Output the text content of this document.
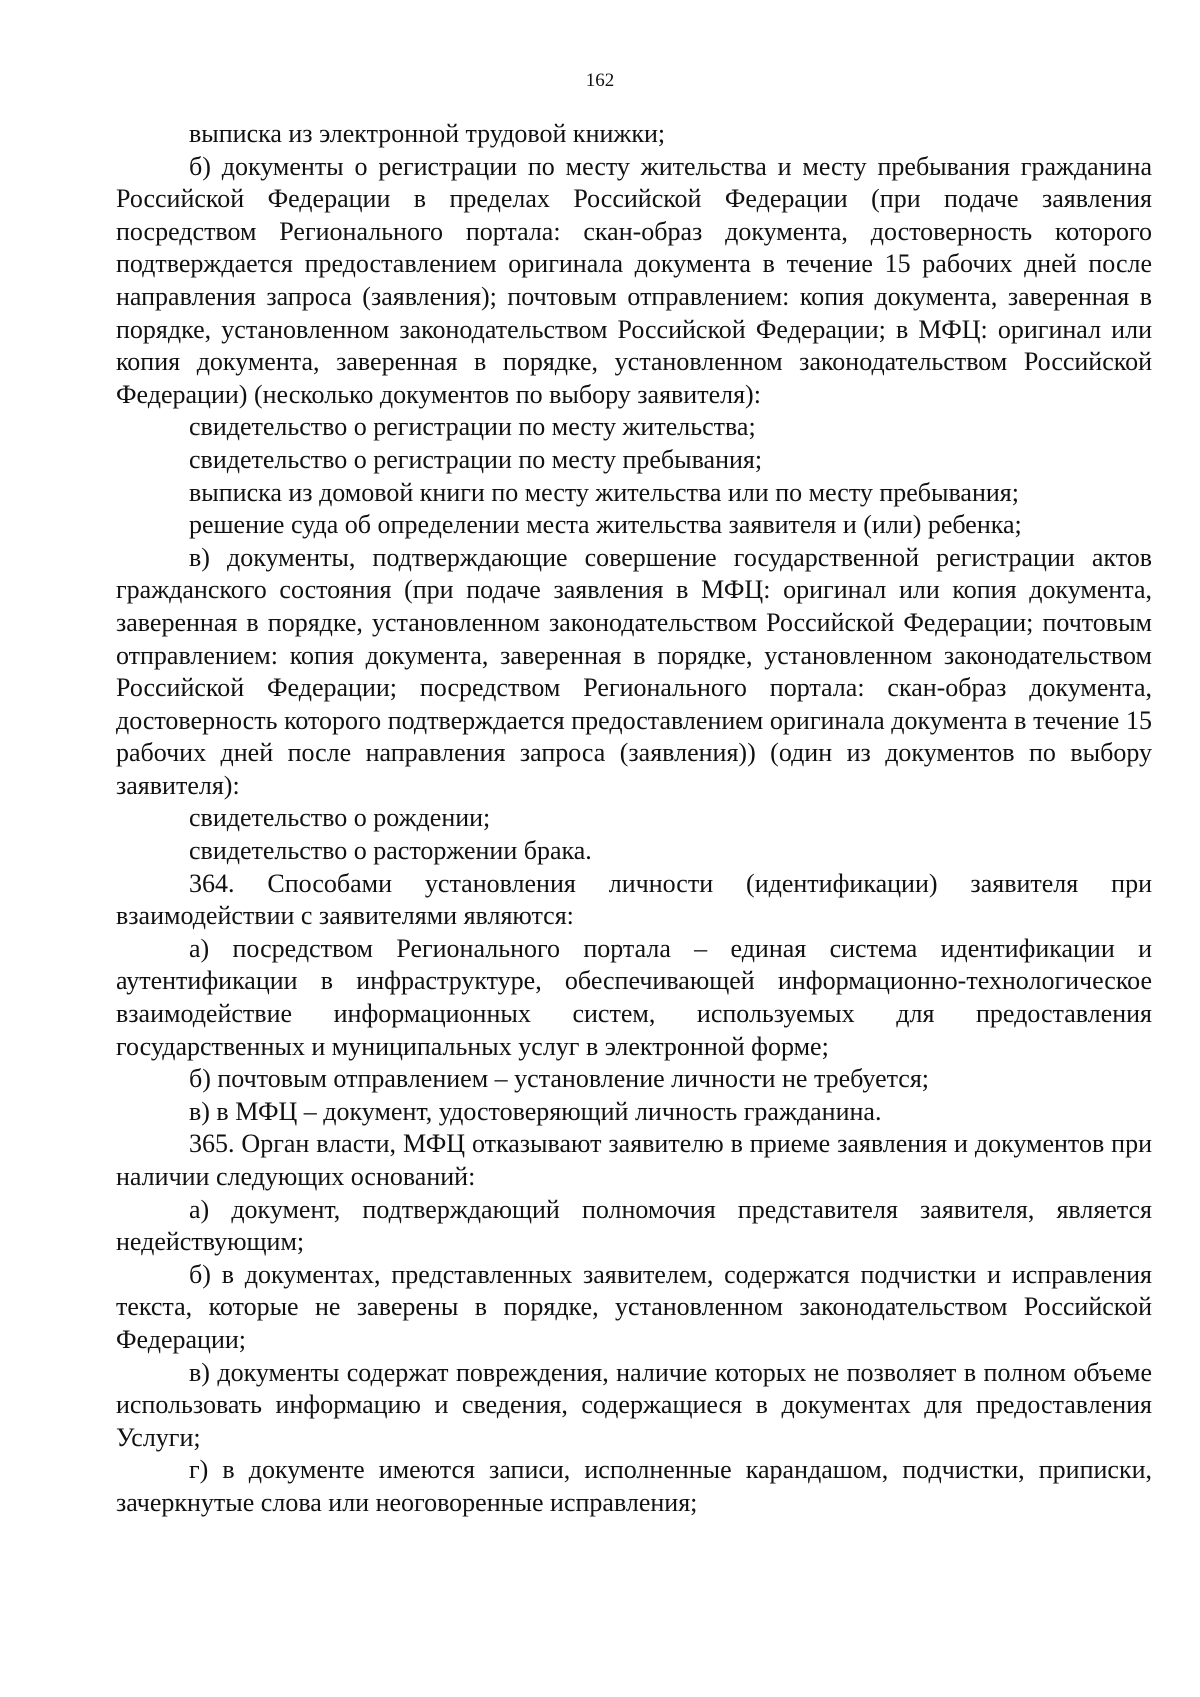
162

выписка из электронной трудовой книжки;

б) документы о регистрации по месту жительства и месту пребывания гражданина Российской Федерации в пределах Российской Федерации (при подаче заявления посредством Регионального портала: скан-образ документа, достоверность которого подтверждается предоставлением оригинала документа в течение 15 рабочих дней после направления запроса (заявления); почтовым отправлением: копия документа, заверенная в порядке, установленном законодательством Российской Федерации; в МФЦ: оригинал или копия документа, заверенная в порядке, установленном законодательством Российской Федерации) (несколько документов по выбору заявителя):

свидетельство о регистрации по месту жительства;

свидетельство о регистрации по месту пребывания;

выписка из домовой книги по месту жительства или по месту пребывания;

решение суда об определении места жительства заявителя и (или) ребенка;

в) документы, подтверждающие совершение государственной регистрации актов гражданского состояния (при подаче заявления в МФЦ: оригинал или копия документа, заверенная в порядке, установленном законодательством Российской Федерации; почтовым отправлением: копия документа, заверенная в порядке, установленном законодательством Российской Федерации; посредством Регионального портала: скан-образ документа, достоверность которого подтверждается предоставлением оригинала документа в течение 15 рабочих дней после направления запроса (заявления)) (один из документов по выбору заявителя):

свидетельство о рождении;

свидетельство о расторжении брака.

364. Способами установления личности (идентификации) заявителя при взаимодействии с заявителями являются:

а) посредством Регионального портала – единая система идентификации и аутентификации в инфраструктуре, обеспечивающей информационно-технологическое взаимодействие информационных систем, используемых для предоставления государственных и муниципальных услуг в электронной форме;

б) почтовым отправлением – установление личности не требуется;

в) в МФЦ – документ, удостоверяющий личность гражданина.

365. Орган власти, МФЦ отказывают заявителю в приеме заявления и документов при наличии следующих оснований:

а) документ, подтверждающий полномочия представителя заявителя, является недействующим;

б) в документах, представленных заявителем, содержатся подчистки и исправления текста, которые не заверены в порядке, установленном законодательством Российской Федерации;

в) документы содержат повреждения, наличие которых не позволяет в полном объеме использовать информацию и сведения, содержащиеся в документах для предоставления Услуги;

г) в документе имеются записи, исполненные карандашом, подчистки, приписки, зачеркнутые слова или неоговоренные исправления;
